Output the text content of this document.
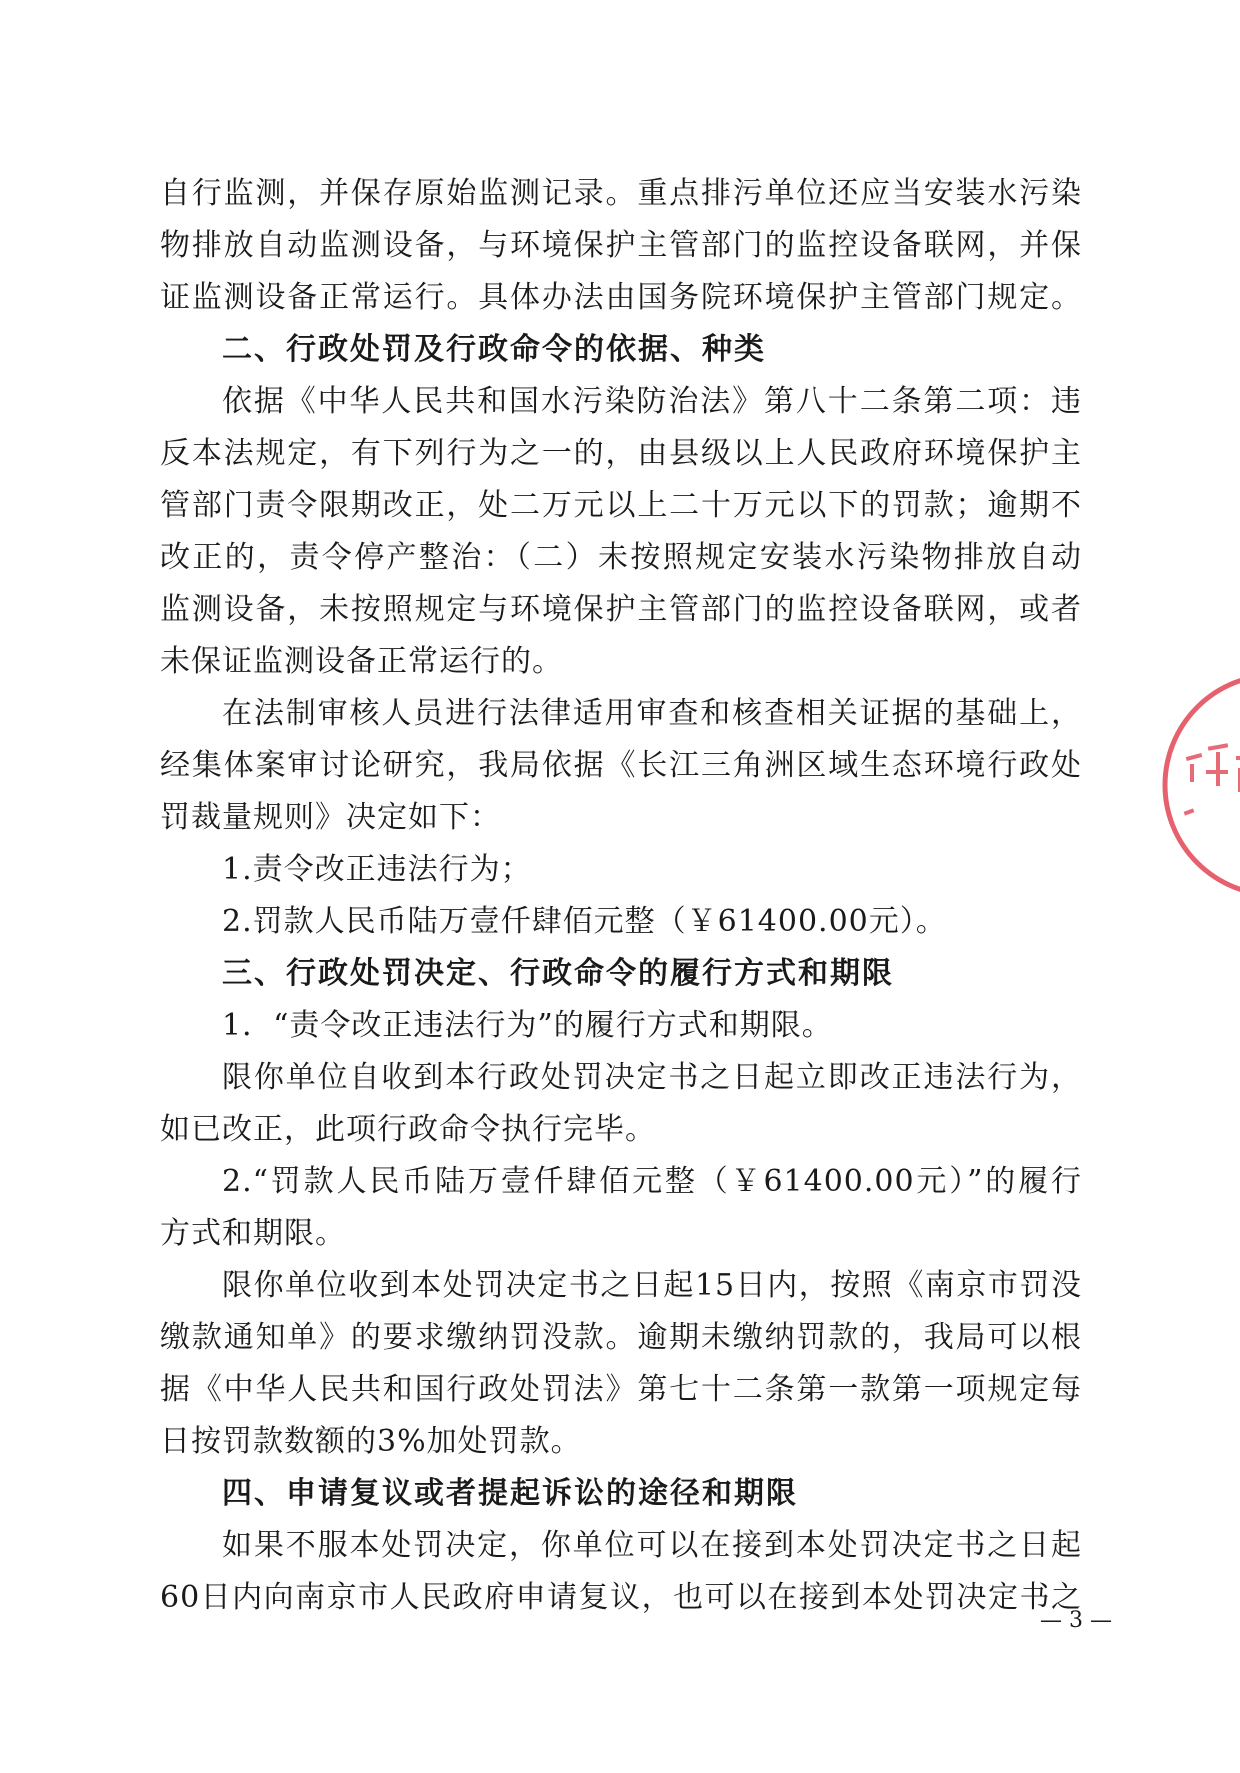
自行监测，并保存原始监测记录。重点排污单位还应当安装水污染
物排放自动监测设备，与环境保护主管部门的监控设备联网，并保
证监测设备正常运行。具体办法由国务院环境保护主管部门规定。
二、行政处罚及行政命令的依据、种类
依据《中华人民共和国水污染防治法》第八十二条第二项：违
反本法规定，有下列行为之一的，由县级以上人民政府环境保护主
管部门责令限期改正，处二万元以上二十万元以下的罚款；逾期不
改正的，责令停产整治：（二）未按照规定安装水污染物排放自动
监测设备，未按照规定与环境保护主管部门的监控设备联网，或者
未保证监测设备正常运行的。
在法制审核人员进行法律适用审查和核查相关证据的基础上，
经集体案审讨论研究，我局依据《长江三角洲区域生态环境行政处
罚裁量规则》决定如下：
1.责令改正违法行为；
2.罚款人民币陆万壹仟肆佰元整（￥61400.00元）。
三、行政处罚决定、行政命令的履行方式和期限
1．“责令改正违法行为”的履行方式和期限。
限你单位自收到本行政处罚决定书之日起立即改正违法行为，
如已改正，此项行政命令执行完毕。
2.“罚款人民币陆万壹仟肆佰元整（￥61400.00元）”的履行
方式和期限。
限你单位收到本处罚决定书之日起15日内，按照《南京市罚没
缴款通知单》的要求缴纳罚没款。逾期未缴纳罚款的，我局可以根
据《中华人民共和国行政处罚法》第七十二条第一款第一项规定每
日按罚款数额的3%加处罚款。
四、申请复议或者提起诉讼的途径和期限
如果不服本处罚决定，你单位可以在接到本处罚决定书之日起
60日内向南京市人民政府申请复议，也可以在接到本处罚决定书之
— 3 —
